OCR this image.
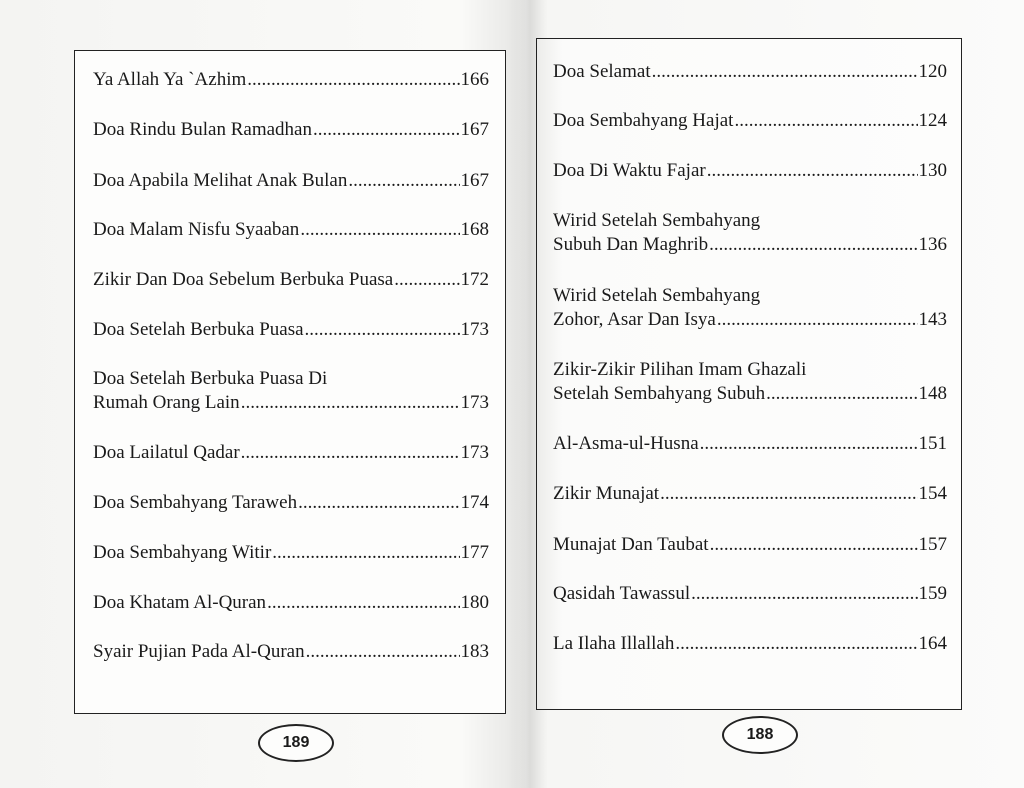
Ya Allah Ya `Azhim .....	166
Doa Rindu Bulan Ramadhan .....	167
Doa Apabila Melihat Anak Bulan .....	167
Doa Malam Nisfu Syaaban .....	168
Zikir Dan Doa Sebelum Berbuka Puasa .....	172
Doa Setelah Berbuka Puasa .....	173
Doa Setelah Berbuka Puasa Di
Rumah Orang Lain .....	173
Doa Lailatul Qadar .....	173
Doa Sembahyang Taraweh .....	174
Doa Sembahyang Witir .....	177
Doa Khatam Al-Quran .....	180
Syair Pujian Pada Al-Quran .....	183
189
Doa Selamat .....	120
Doa Sembahyang Hajat .....	124
Doa Di Waktu Fajar .....	130
Wirid Setelah Sembahyang
Subuh Dan Maghrib .....	136
Wirid Setelah Sembahyang
Zohor, Asar Dan Isya .....	143
Zikir-Zikir Pilihan Imam Ghazali
Setelah Sembahyang Subuh .....	148
Al-Asma-ul-Husna .....	151
Zikir Munajat .....	154
Munajat Dan Taubat .....	157
Qasidah Tawassul .....	159
La Ilaha Illallah .....	164
188
